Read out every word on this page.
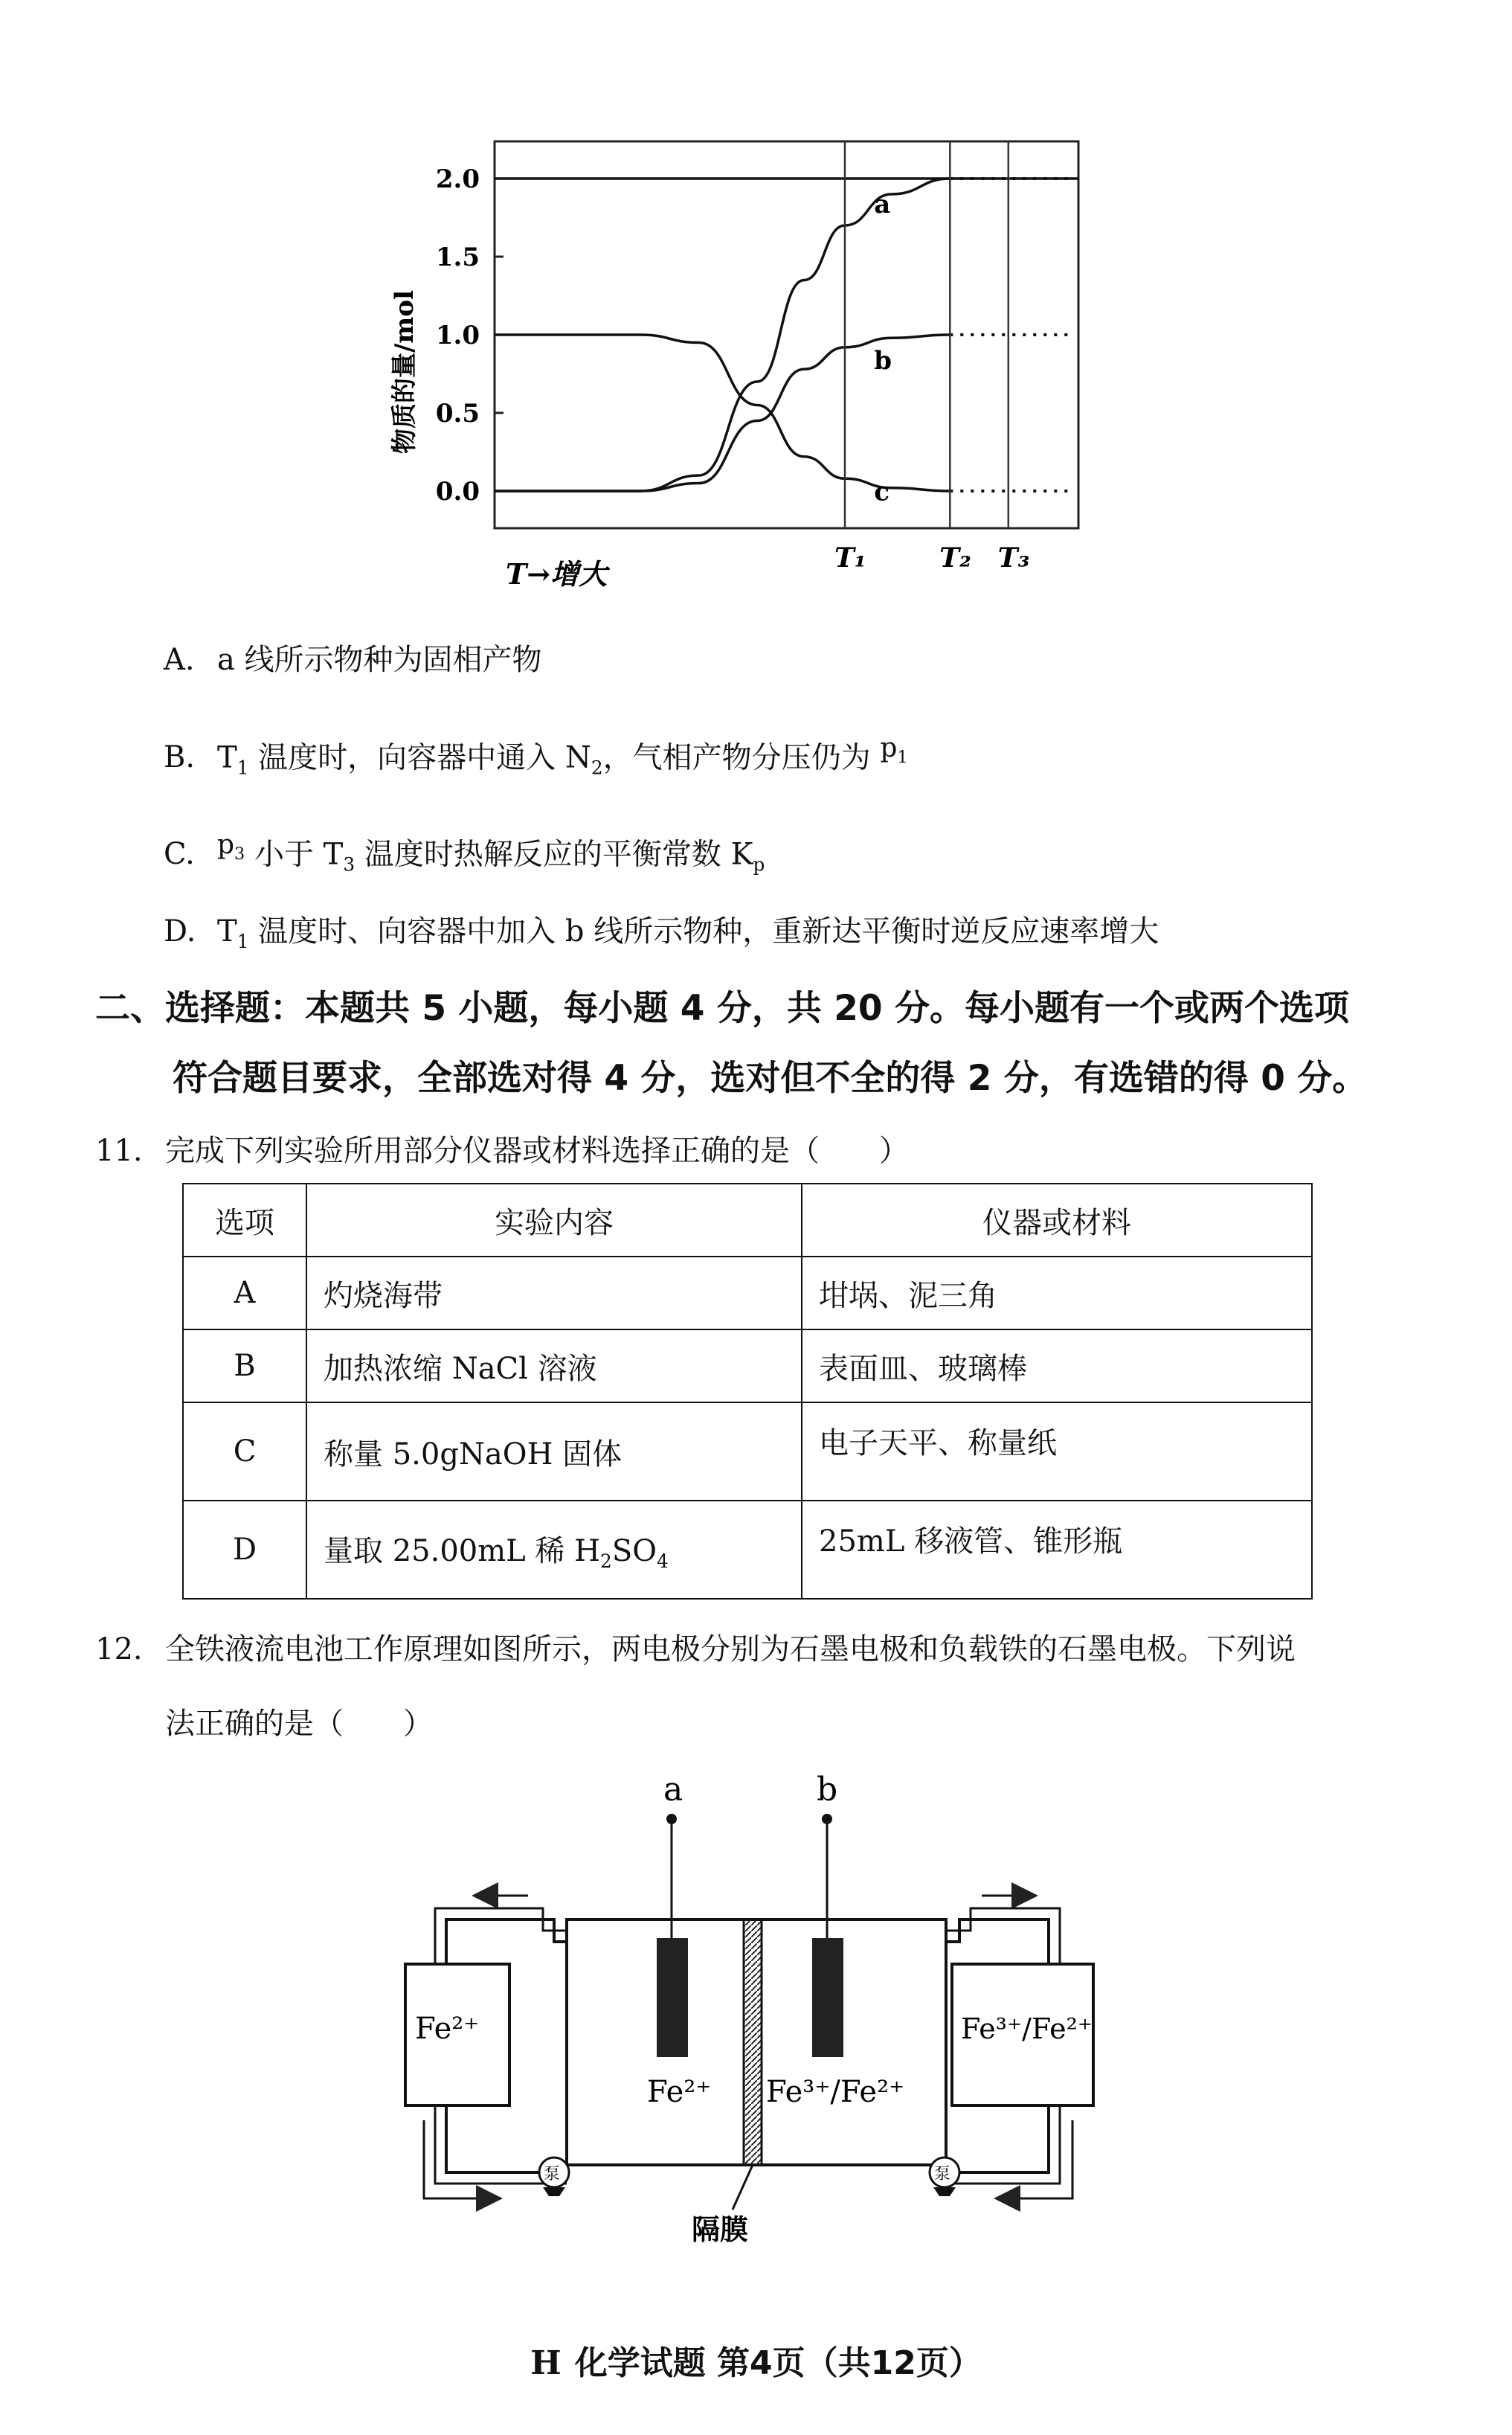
2.0
1.5
1.0
0.5
0.0
a
b
c
T₁	T₂ T₃
物质的量/mol
T→增大
A. a 线所示物种为固相产物
B. $T_1$ 温度时，向容器中通入 $N_2$，气相产物分压仍为 $^{p_1}$
C. $^{p_3}$ 小于 $T_3$ 温度时热解反应的平衡常数 $K_p$
D. $T_1$ 温度时、向容器中加入 b 线所示物种，重新达平衡时逆反应速率增大
二、选择题：本题共 5 小题，每小题 4 分，共 20 分。每小题有一个或两个选项
符合题目要求，全部选对得 4 分，选对但不全的得 2 分，有选错的得 0 分。
11. 完成下列实验所用部分仪器或材料选择正确的是（　　）
选项	实验内容	仪器或材料
A	灼烧海带	坩埚、泥三角
B	加热浓缩 NaCl 溶液	表面皿、玻璃棒
C	称量 5.0gNaOH 固体	电子天平、称量纸
D	量取 25.00mL 稀 $H_2SO_4$	25mL 移液管、锥形瓶
12. 全铁液流电池工作原理如图所示，两电极分别为石墨电极和负载铁的石墨电极。下列说
法正确的是（　　）
a	b
Fe²⁺ Fe³⁺/Fe²⁺
Fe²⁺	Fe³⁺/Fe²⁺
泵	泵
隔膜
H 化学试题 第4页（共12页）
